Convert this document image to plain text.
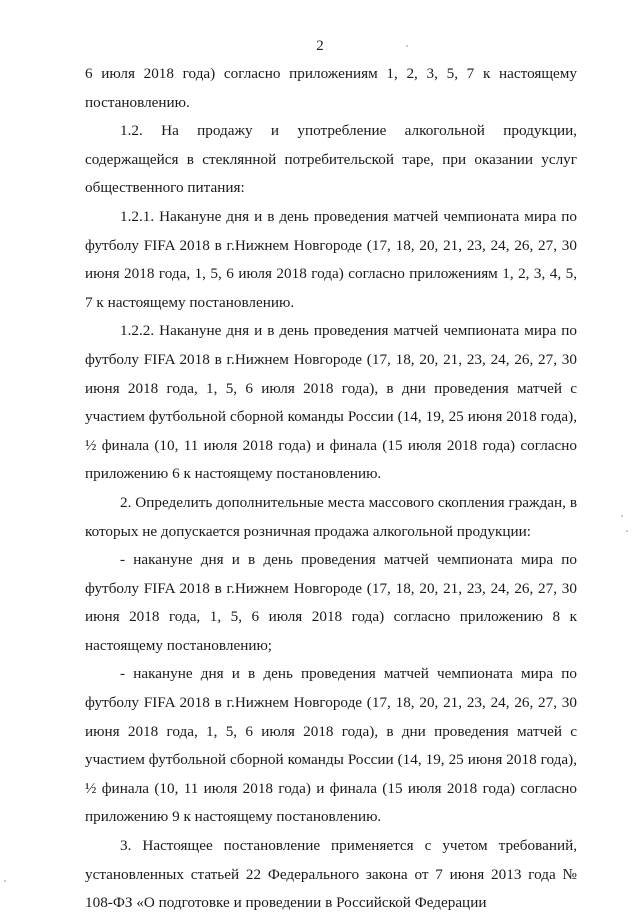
2

6 июля 2018 года) согласно приложениям 1, 2, 3, 5, 7 к настоящему постановлению.

1.2. На продажу и употребление алкогольной продукции, содержащейся в стеклянной потребительской таре, при оказании услуг общественного питания:

1.2.1. Накануне дня и в день проведения матчей чемпионата мира по футболу FIFA 2018 в г.Нижнем Новгороде (17, 18, 20, 21, 23, 24, 26, 27, 30 июня 2018 года, 1, 5, 6 июля 2018 года) согласно приложениям 1, 2, 3, 4, 5, 7 к настоящему постановлению.

1.2.2. Накануне дня и в день проведения матчей чемпионата мира по футболу FIFA 2018 в г.Нижнем Новгороде (17, 18, 20, 21, 23, 24, 26, 27, 30 июня 2018 года, 1, 5, 6 июля 2018 года), в дни проведения матчей с участием футбольной сборной команды России (14, 19, 25 июня 2018 года), ½ финала (10, 11 июля 2018 года) и финала (15 июля 2018 года) согласно приложению 6 к настоящему постановлению.

2. Определить дополнительные места массового скопления граждан, в которых не допускается розничная продажа алкогольной продукции:

- накануне дня и в день проведения матчей чемпионата мира по футболу FIFA 2018 в г.Нижнем Новгороде (17, 18, 20, 21, 23, 24, 26, 27, 30 июня 2018 года, 1, 5, 6 июля 2018 года) согласно приложению 8 к настоящему постановлению;

- накануне дня и в день проведения матчей чемпионата мира по футболу FIFA 2018 в г.Нижнем Новгороде (17, 18, 20, 21, 23, 24, 26, 27, 30 июня 2018 года, 1, 5, 6 июля 2018 года), в дни проведения матчей с участием футбольной сборной команды России (14, 19, 25 июня 2018 года), ½ финала (10, 11 июля 2018 года) и финала (15 июля 2018 года) согласно приложению 9 к настоящему постановлению.

3. Настоящее постановление применяется с учетом требований, установленных статьей 22 Федерального закона от 7 июня 2013 года № 108-ФЗ «О подготовке и проведении в Российской Федерации
